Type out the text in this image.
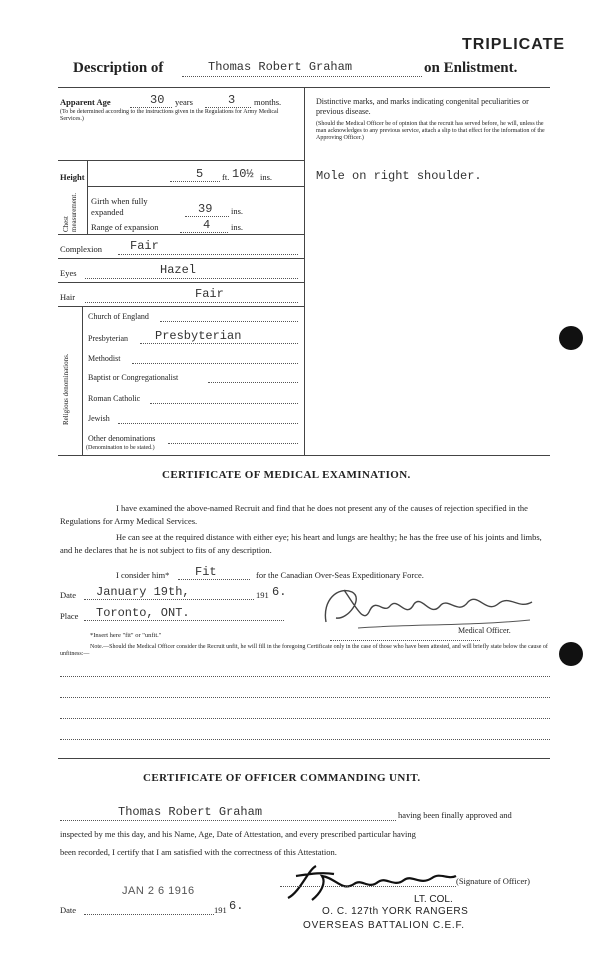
TRIPLICATE
Description of	Thomas Robert Graham	on Enlistment.
Apparent Age	30 years	3 months.
(To be determined according to the instructions given in the Regulations for Army Medical Services.)
Height	5 ft. 10½ ins.
Chest measurement. Girth when fully expanded	39 ins.
Range of expansion	4 ins.
Complexion Fair
Eyes	Hazel
Hair	Fair
Religious denominations.
Church of England
Presbyterian Presbyterian
Methodist
Baptist or Congregationalist
Roman Catholic
Jewish
Other denominations
(Denomination to be stated.)
Distinctive marks, and marks indicating congenital peculiarities or previous disease.
(Should the Medical Officer be of opinion that the recruit has served before, he will, unless the man acknowledges to any previous service, attach a slip to that effect for the information of the Approving Officer.)
Mole on right shoulder.
CERTIFICATE OF MEDICAL EXAMINATION.
I have examined the above-named Recruit and find that he does not present any of the causes of rejection specified in the Regulations for Army Medical Services.
He can see at the required distance with either eye; his heart and lungs are healthy; he has the free use of his joints and limbs, and he declares that he is not subject to fits of any description.
I consider him* Fit	for the Canadian Over-Seas Expeditionary Force.
Date January 19th,	191 6.
Place Toronto, ONT.
Medical Officer.
*Insert here "fit" or "unfit."
Note.—Should the Medical Officer consider the Recruit unfit, he will fill in the foregoing Certificate only in the case of those who have been attested, and will briefly state below the cause of unfitness:—
CERTIFICATE OF OFFICER COMMANDING UNIT.
Thomas Robert Graham	having been finally approved and
inspected by me this day, and his Name, Age, Date of Attestation, and every prescribed particular having
been recorded, I certify that I am satisfied with the correctness of this Attestation.
JAN 2 6 1916
Date	191 6.
(Signature of Officer)
LT. COL.
O. C. 127th YORK RANGERS
OVERSEAS BATTALION C.E.F.
